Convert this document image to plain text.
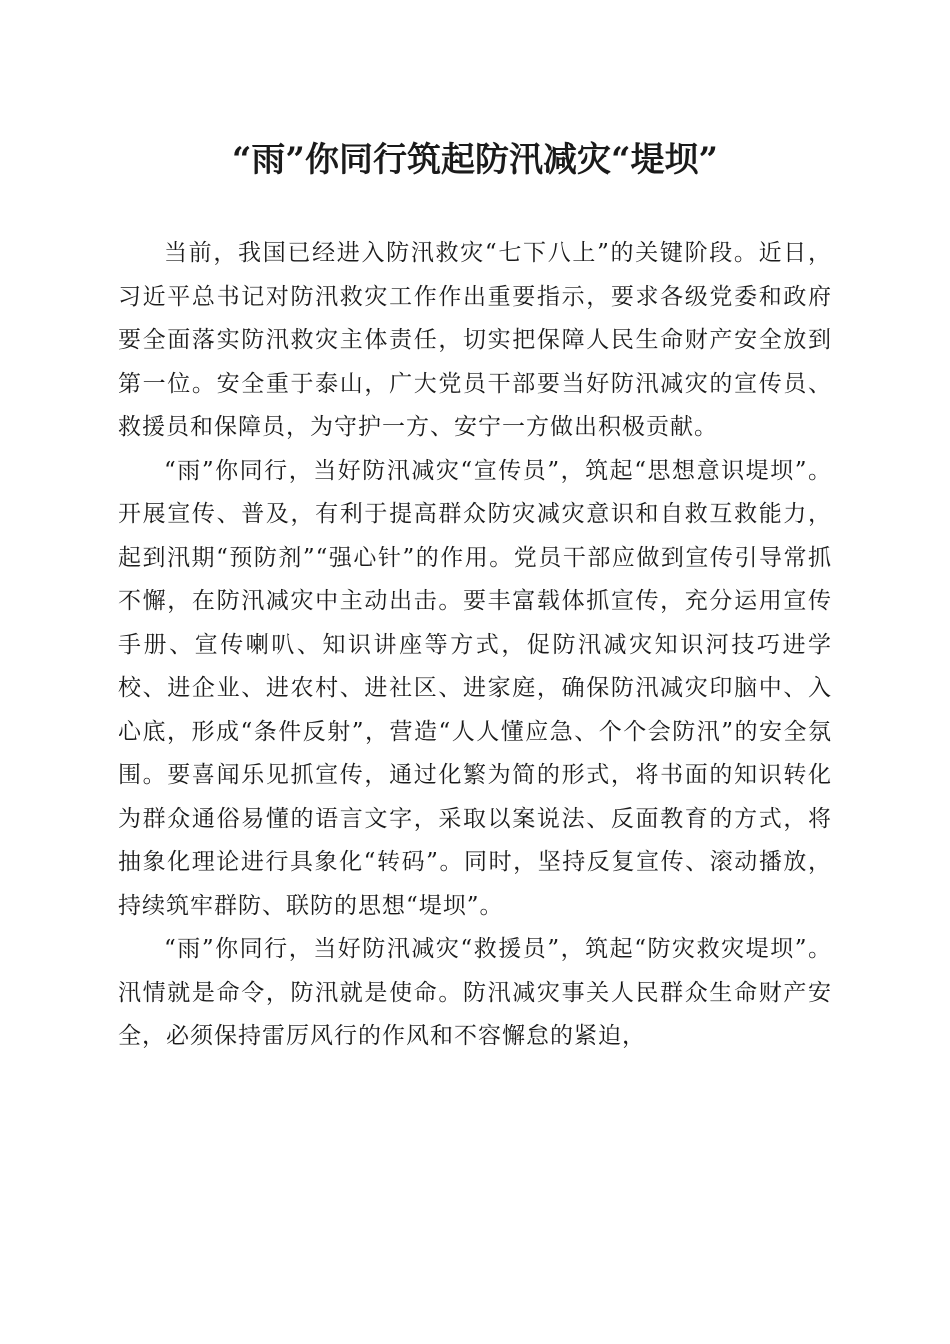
“雨”你同行筑起防汛减灾“堤坝”

当前，我国已经进入防汛救灾“七下八上”的关键阶段。近日，习近平总书记对防汛救灾工作作出重要指示，要求各级党委和政府要全面落实防汛救灾主体责任，切实把保障人民生命财产安全放到第一位。安全重于泰山，广大党员干部要当好防汛减灾的宣传员、救援员和保障员，为守护一方、安宁一方做出积极贡献。

“雨”你同行，当好防汛减灾“宣传员”，筑起“思想意识堤坝”。开展宣传、普及，有利于提高群众防灾减灾意识和自救互救能力，起到汛期“预防剂”“强心针”的作用。党员干部应做到宣传引导常抓不懈，在防汛减灾中主动出击。要丰富载体抓宣传，充分运用宣传手册、宣传喇叭、知识讲座等方式，促防汛减灾知识河技巧进学校、进企业、进农村、进社区、进家庭，确保防汛减灾印脑中、入心底，形成“条件反射”，营造“人人懂应急、个个会防汛”的安全氛围。要喜闻乐见抓宣传，通过化繁为简的形式，将书面的知识转化为群众通俗易懂的语言文字，采取以案说法、反面教育的方式，将抽象化理论进行具象化“转码”。同时，坚持反复宣传、滚动播放，持续筑牢群防、联防的思想“堤坝”。

“雨”你同行，当好防汛减灾“救援员”，筑起“防灾救灾堤坝”。汛情就是命令，防汛就是使命。防汛减灾事关人民群众生命财产安全，必须保持雷厉风行的作风和不容懈怠的紧迫，
